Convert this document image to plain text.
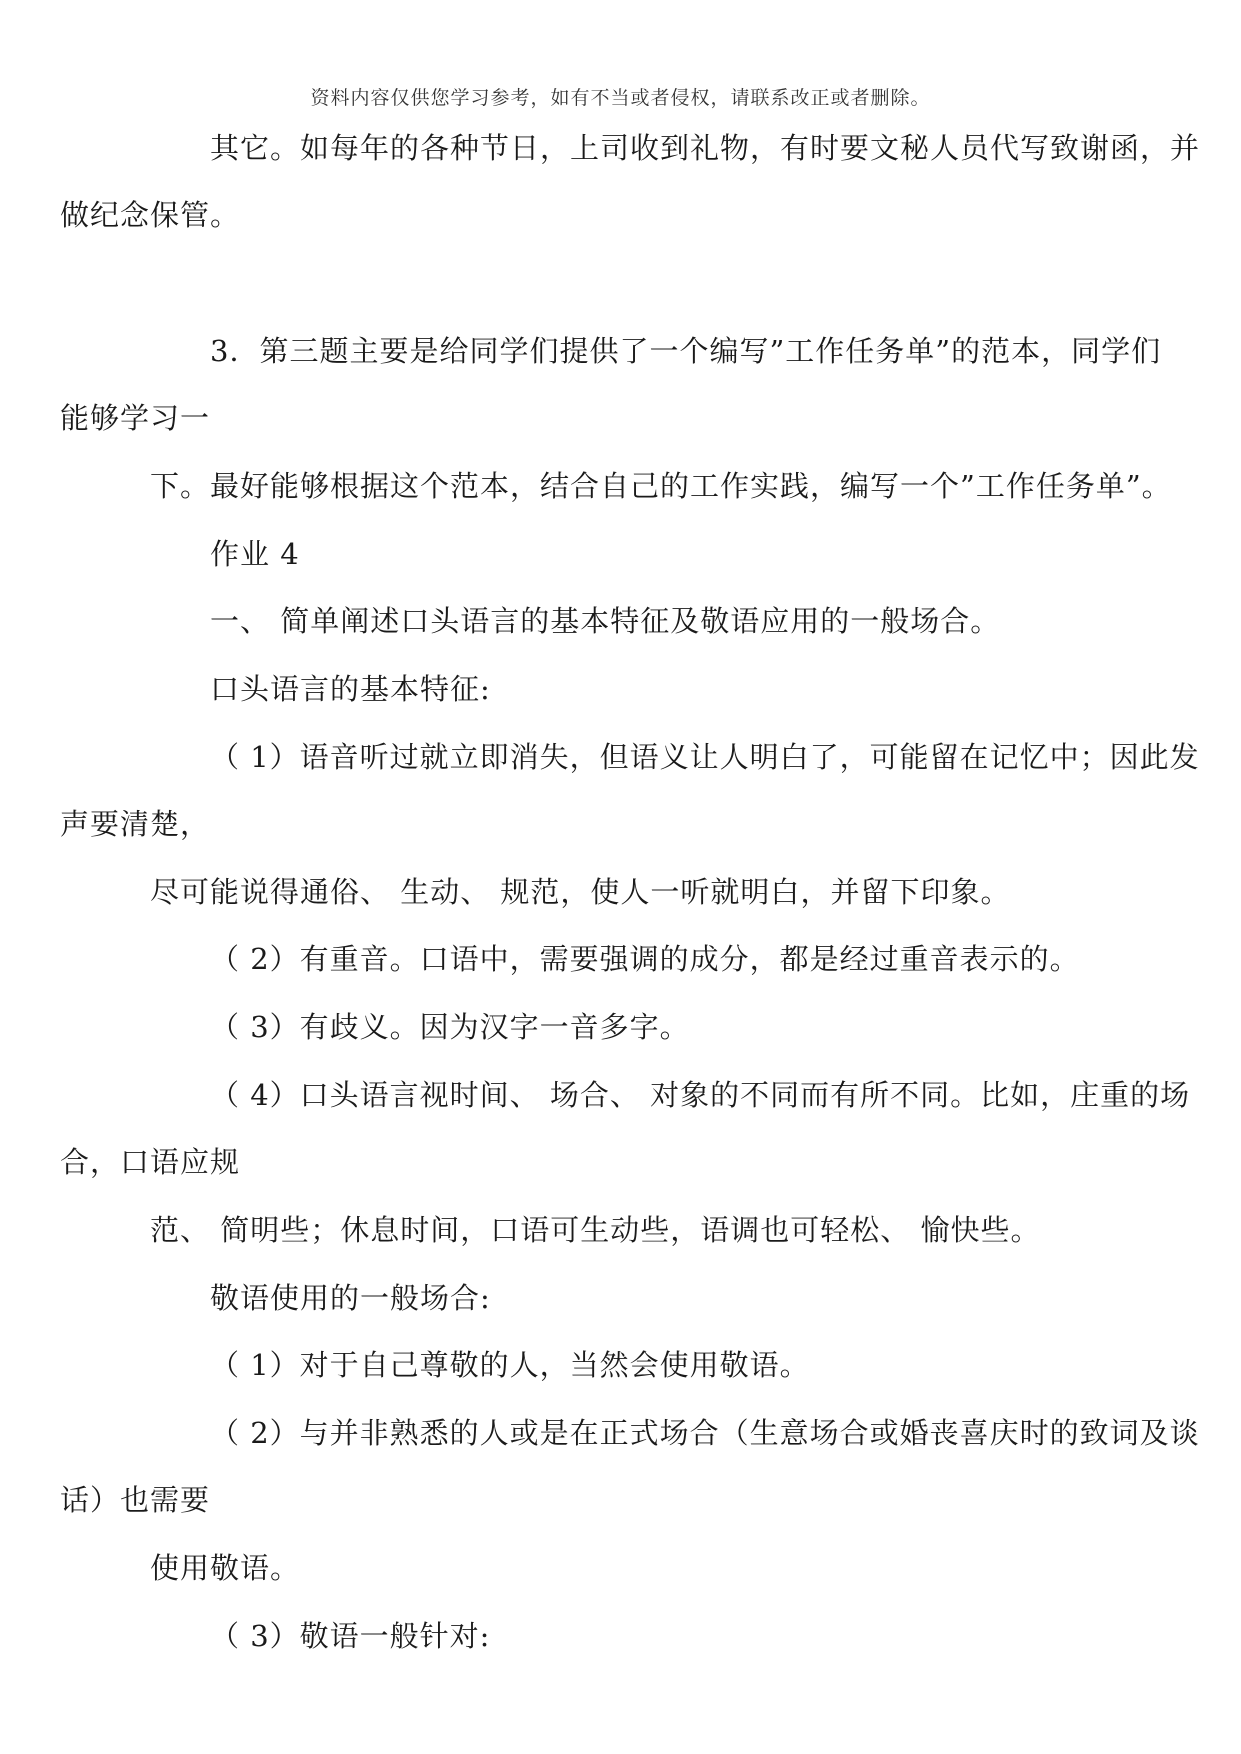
资料内容仅供您学习参考，如有不当或者侵权，请联系改正或者删除。
其它。如每年的各种节日，上司收到礼物，有时要文秘人员代写致谢函，并
做纪念保管。
3．第三题主要是给同学们提供了一个编写”工作任务单”的范本，同学们
能够学习一
下。最好能够根据这个范本，结合自己的工作实践，编写一个”工作任务单”。
作业 4
一、 简单阐述口头语言的基本特征及敬语应用的一般场合。
口头语言的基本特征:
（ 1）语音听过就立即消失，但语义让人明白了，可能留在记忆中；因此发
声要清楚，
尽可能说得通俗、 生动、 规范，使人一听就明白，并留下印象。
（ 2）有重音。口语中，需要强调的成分，都是经过重音表示的。
（ 3）有歧义。因为汉字一音多字。
（ 4）口头语言视时间、 场合、 对象的不同而有所不同。比如，庄重的场
合，口语应规
范、 简明些；休息时间，口语可生动些，语调也可轻松、 愉快些。
敬语使用的一般场合:
（ 1）对于自己尊敬的人，当然会使用敬语。
（ 2）与并非熟悉的人或是在正式场合（生意场合或婚丧喜庆时的致词及谈
话）也需要
使用敬语。
（ 3）敬语一般针对:
